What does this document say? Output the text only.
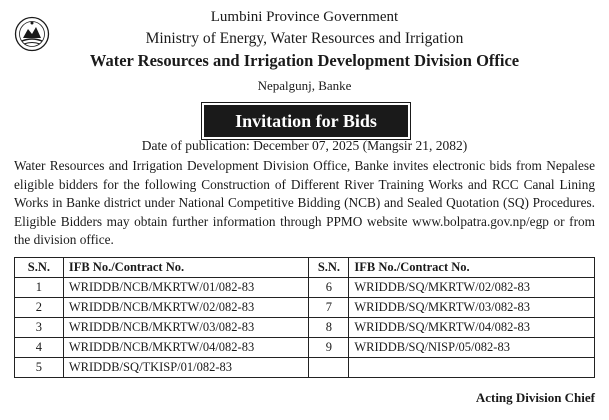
Lumbini Province Government
Ministry of Energy, Water Resources and Irrigation
Water Resources and Irrigation Development Division Office
Nepalgunj, Banke
Invitation for Bids
Date of publication: December 07, 2025 (Mangsir 21, 2082)
Water Resources and Irrigation Development Division Office, Banke invites electronic bids from Nepalese eligible bidders for the following Construction of Different River Training Works and RCC Canal Lining Works in Banke district under National Competitive Bidding (NCB) and Sealed Quotation (SQ) Procedures. Eligible Bidders may obtain further information through PPMO website www.bolpatra.gov.np/egp or from the division office.
S.N.	IFB No./Contract No.	S.N.	IFB No./Contract No.
1	WRIDDB/NCB/MKRTW/01/082-83	6	WRIDDB/SQ/MKRTW/02/082-83
2	WRIDDB/NCB/MKRTW/02/082-83	7	WRIDDB/SQ/MKRTW/03/082-83
3	WRIDDB/NCB/MKRTW/03/082-83	8	WRIDDB/SQ/MKRTW/04/082-83
4	WRIDDB/NCB/MKRTW/04/082-83	9	WRIDDB/SQ/NISP/05/082-83
5	WRIDDB/SQ/TKISP/01/082-83		
Acting Division Chief
